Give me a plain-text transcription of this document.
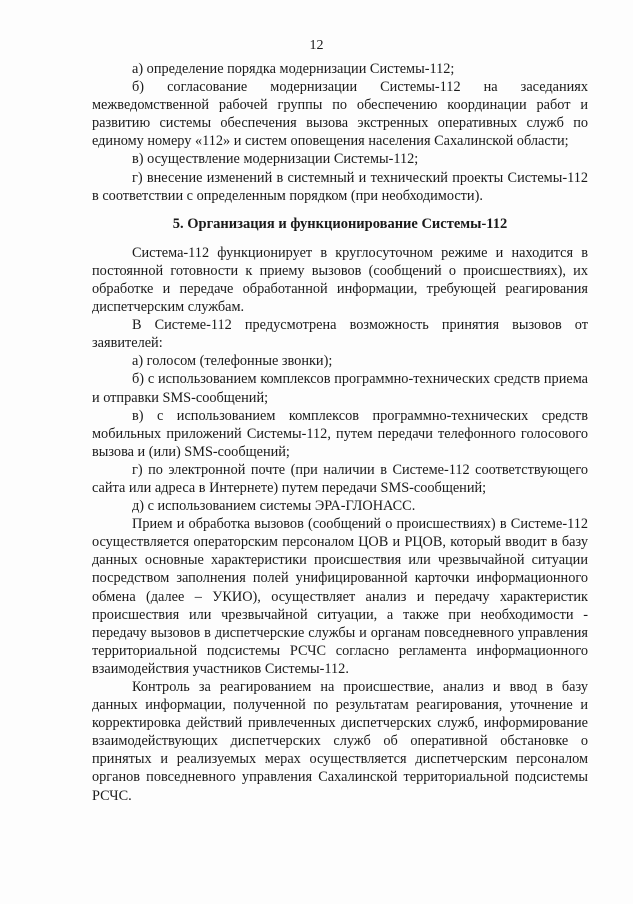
12

а) определение порядка модернизации Системы-112;

б) согласование модернизации Системы-112 на заседаниях межведомственной рабочей группы по обеспечению координации работ и развитию системы обеспечения вызова экстренных оперативных служб по единому номеру «112» и систем оповещения населения Сахалинской области;

в) осуществление модернизации Системы-112;

г) внесение изменений в системный и технический проекты Системы-112 в соответствии с определенным порядком (при необходимости).

5. Организация и функционирование Системы-112

Система-112 функционирует в круглосуточном режиме и находится в постоянной готовности к приему вызовов (сообщений о происшествиях), их обработке и передаче обработанной информации, требующей реагирования диспетчерским службам.

В Системе-112 предусмотрена возможность принятия вызовов от заявителей:

а) голосом (телефонные звонки);

б) с использованием комплексов программно-технических средств приема и отправки SMS-сообщений;

в) с использованием комплексов программно-технических средств мобильных приложений Системы-112, путем передачи телефонного голосового вызова и (или) SMS-сообщений;

г) по электронной почте (при наличии в Системе-112 соответствующего сайта или адреса в Интернете) путем передачи SMS-сообщений;

д) с использованием системы ЭРА-ГЛОНАСС.

Прием и обработка вызовов (сообщений о происшествиях) в Системе-112 осуществляется операторским персоналом ЦОВ и РЦОВ, который вводит в базу данных основные характеристики происшествия или чрезвычайной ситуации посредством заполнения полей унифицированной карточки информационного обмена (далее – УКИО), осуществляет анализ и передачу характеристик происшествия или чрезвычайной ситуации, а также при необходимости - передачу вызовов в диспетчерские службы и органам повседневного управления территориальной подсистемы РСЧС согласно регламента информационного взаимодействия участников Системы-112.

Контроль за реагированием на происшествие, анализ и ввод в базу данных информации, полученной по результатам реагирования, уточнение и корректировка действий привлеченных диспетчерских служб, информирование взаимодействующих диспетчерских служб об оперативной обстановке о принятых и реализуемых мерах осуществляется диспетчерским персоналом органов повседневного управления Сахалинской территориальной подсистемы РСЧС.
